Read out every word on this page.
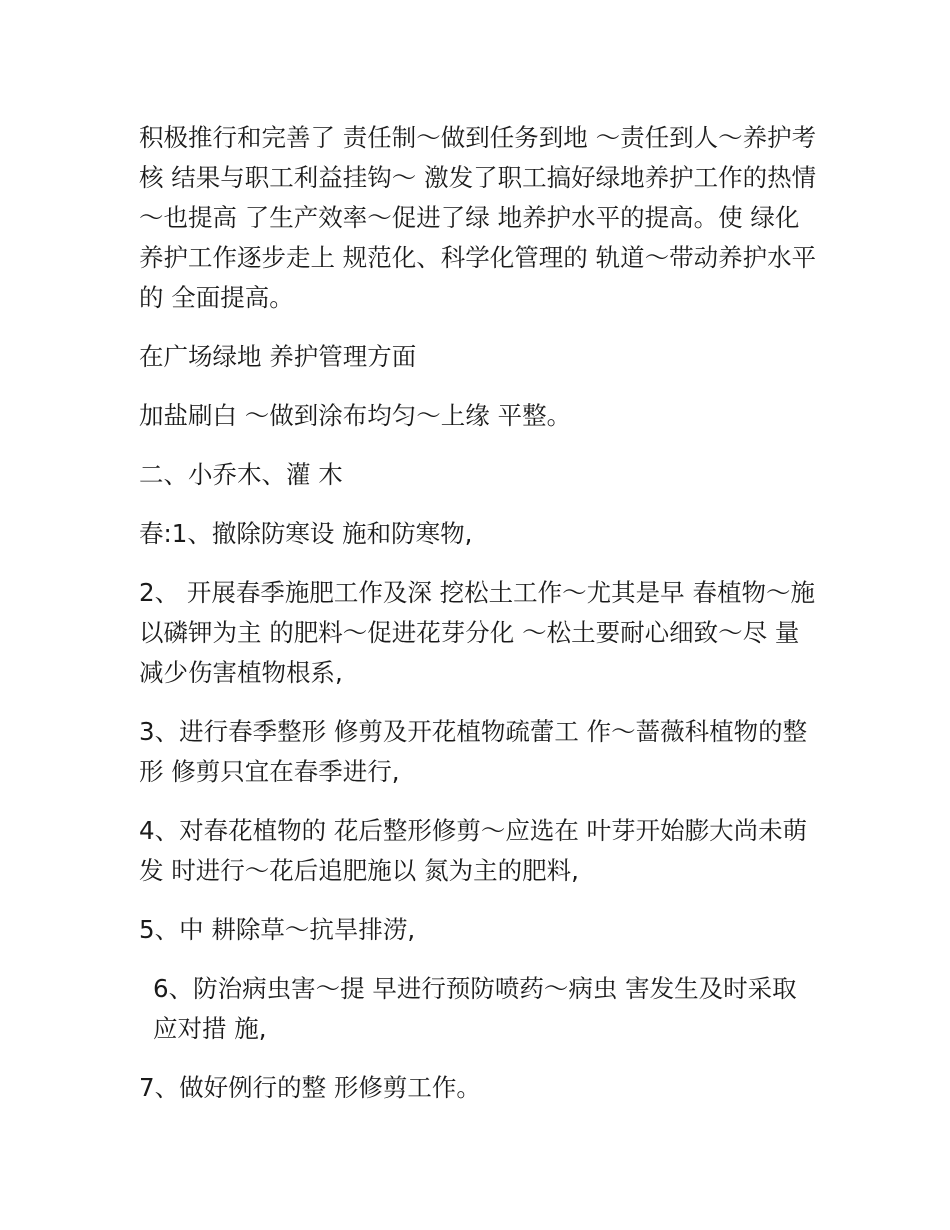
积极推行和完善了 责任制～做到任务到地 ～责任到人～养护考核 结果与职工利益挂钩～ 激发了职工搞好绿地养护工作的热情～也提高 了生产效率～促进了绿 地养护水平的提高。使 绿化养护工作逐步走上 规范化、科学化管理的 轨道～带动养护水平的 全面提高。

在广场绿地 养护管理方面

加盐刷白 ～做到涂布均匀～上缘 平整。

二、小乔木、灌 木

春:1、撤除防寒设 施和防寒物,

2、 开展春季施肥工作及深 挖松土工作～尤其是早 春植物～施以磷钾为主 的肥料～促进花芽分化 ～松土要耐心细致～尽 量减少伤害植物根系,

3、进行春季整形 修剪及开花植物疏蕾工 作～蔷薇科植物的整形 修剪只宜在春季进行,

4、对春花植物的 花后整形修剪～应选在 叶芽开始膨大尚未萌发 时进行～花后追肥施以 氮为主的肥料,

5、中 耕除草～抗旱排涝,

6、防治病虫害～提 早进行预防喷药～病虫 害发生及时采取应对措 施,

7、做好例行的整 形修剪工作。
